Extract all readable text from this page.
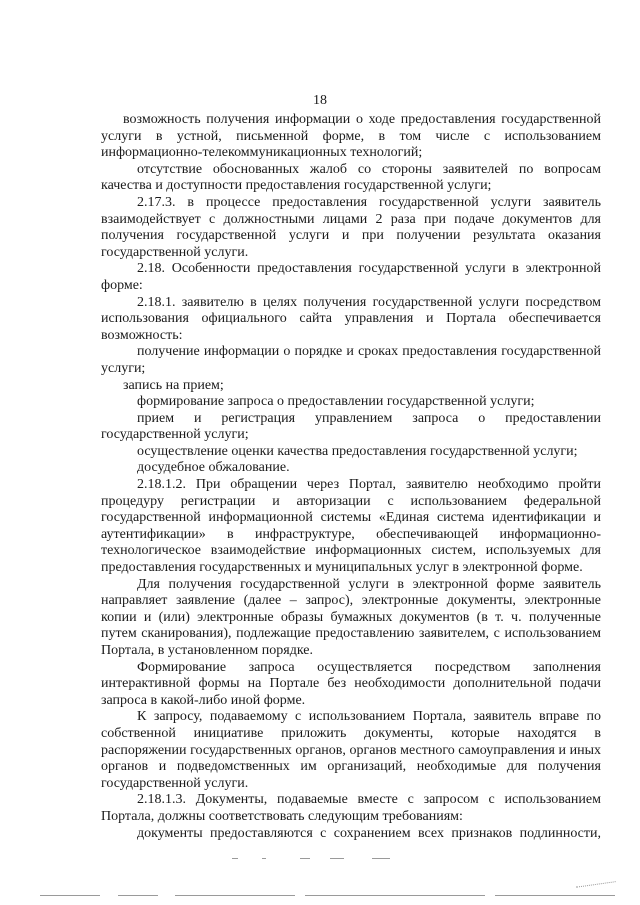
18

возможность получения информации о ходе предоставления государственной услуги в устной, письменной форме, в том числе с использованием информационно-телекоммуникационных технологий;

отсутствие обоснованных жалоб со стороны заявителей по вопросам качества и доступности предоставления государственной услуги;

2.17.3. в процессе предоставления государственной услуги заявитель взаимодействует с должностными лицами 2 раза при подаче документов для получения государственной услуги и при получении результата оказания государственной услуги.

2.18. Особенности предоставления государственной услуги в электронной форме:

2.18.1. заявителю в целях получения государственной услуги посредством использования официального сайта управления и Портала обеспечивается возможность:

получение информации о порядке и сроках предоставления государственной услуги;

запись на прием;

формирование запроса о предоставлении государственной услуги;

прием и регистрация управлением запроса о предоставлении государственной услуги;

осуществление оценки качества предоставления государственной услуги;

досудебное обжалование.

2.18.1.2. При обращении через Портал, заявителю необходимо пройти процедуру регистрации и авторизации с использованием федеральной государственной информационной системы «Единая система идентификации и аутентификации» в инфраструктуре, обеспечивающей информационно-технологическое взаимодействие информационных систем, используемых для предоставления государственных и муниципальных услуг в электронной форме.

Для получения государственной услуги в электронной форме заявитель направляет заявление (далее – запрос), электронные документы, электронные копии и (или) электронные образы бумажных документов (в т. ч. полученные путем сканирования), подлежащие предоставлению заявителем, с использованием Портала, в установленном порядке.

Формирование запроса осуществляется посредством заполнения интерактивной формы на Портале без необходимости дополнительной подачи запроса в какой-либо иной форме.

К запросу, подаваемому с использованием Портала, заявитель вправе по собственной инициативе приложить документы, которые находятся в распоряжении государственных органов, органов местного самоуправления и иных органов и подведомственных им организаций, необходимые для получения государственной услуги.

2.18.1.3. Документы, подаваемые вместе с запросом с использованием Портала, должны соответствовать следующим требованиям:

документы предоставляются с сохранением всех признаков подлинности,
